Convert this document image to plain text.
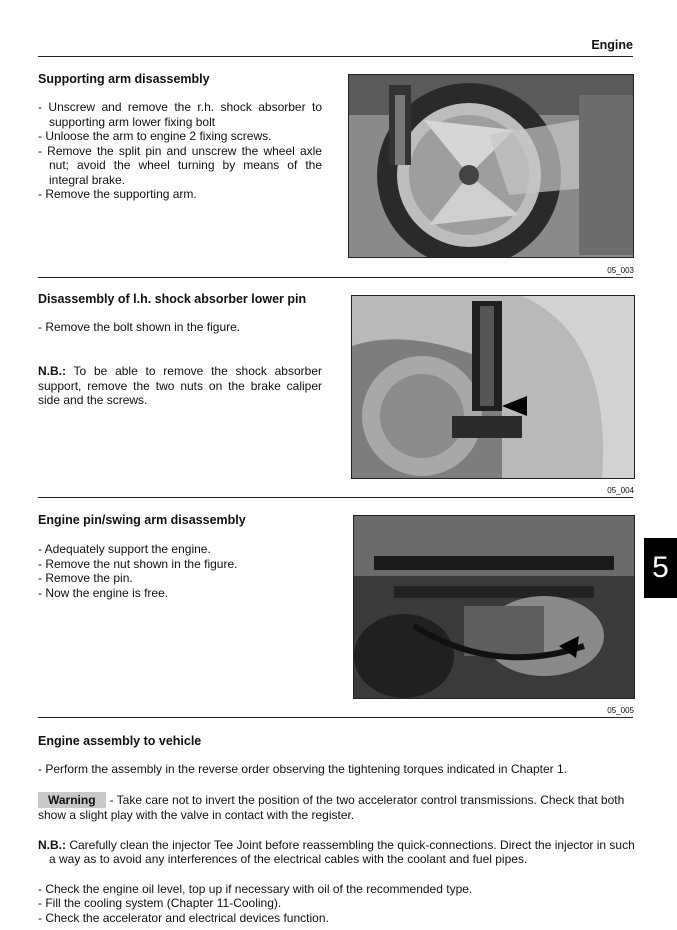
Engine
Supporting arm disassembly
- Unscrew and remove the r.h. shock absorber to supporting arm lower fixing bolt
- Unloose the arm to engine 2 fixing screws.
- Remove the split pin and unscrew the wheel axle nut; avoid the wheel turning by means of the integral brake.
- Remove the supporting arm.
05_003
Disassembly of l.h. shock absorber lower pin
- Remove the bolt shown in the figure.
N.B.: To be able to remove the shock absorber support, remove the two nuts on the brake caliper side and the screws.
05_004
Engine pin/swing arm disassembly
- Adequately support the engine.
- Remove the nut shown in the figure.
- Remove the pin.
- Now the engine is free.
05_005
5
Engine assembly to vehicle
- Perform the assembly in the reverse order observing the tightening torques indicated in Chapter 1.
Warning - Take care not to invert the position of the two accelerator control transmissions. Check that both show a slight play with the valve in contact with the register.
N.B.: Carefully clean the injector Tee Joint before reassembling the quick-connections. Direct the injector in such a way as to avoid any interferences of the electrical cables with the coolant and fuel pipes.
- Check the engine oil level, top up if necessary with oil of the recommended type.
- Fill the cooling system (Chapter 11-Cooling).
- Check the accelerator and electrical devices function.
